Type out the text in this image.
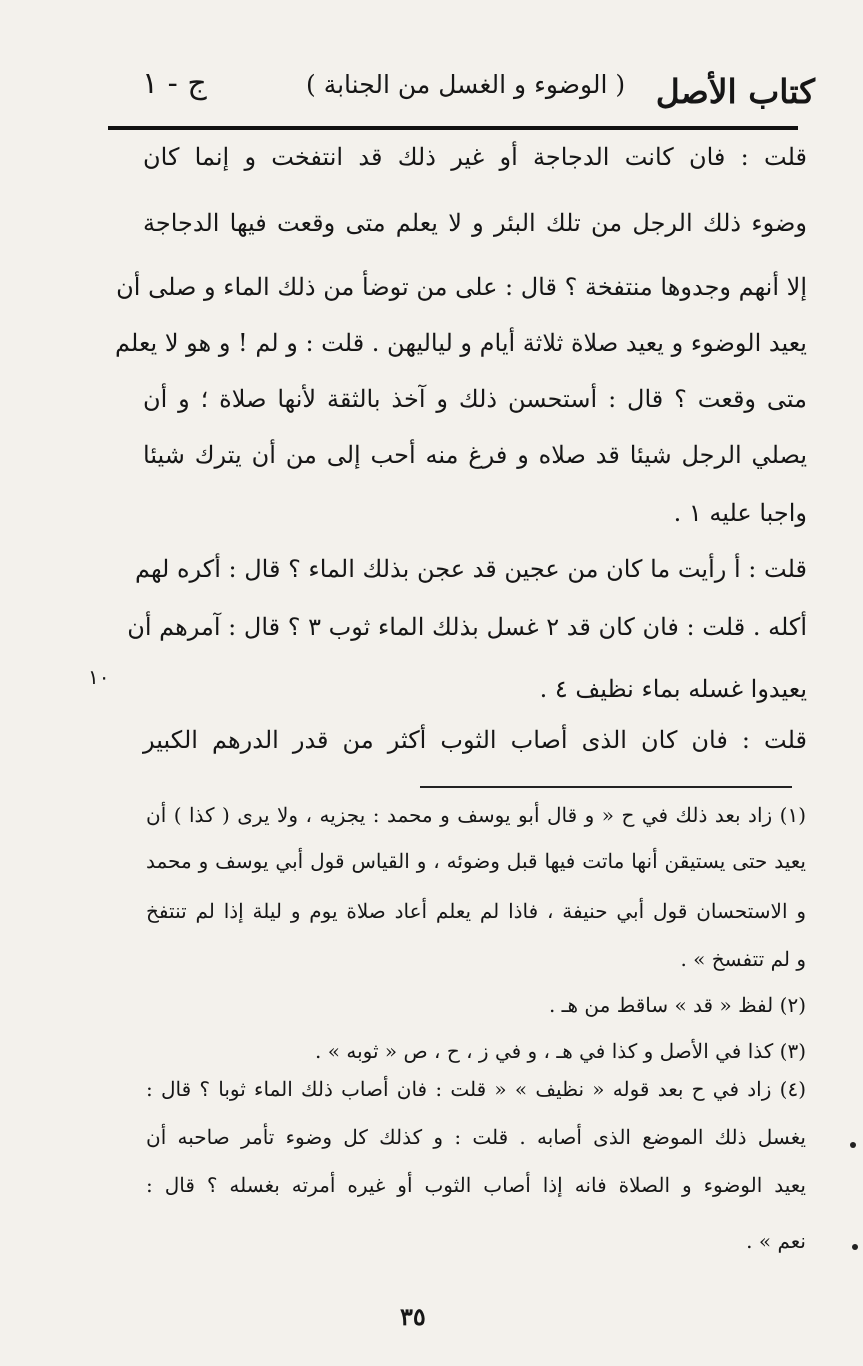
ج - ١	( الوضوء و الغسل من الجنابة ) كتاب الأصل
قلت : فان كانت الدجاجة أو غير ذلك قد انتفخت و إنما كان
وضوء ذلك الرجل من تلك البئر و لا يعلم متى وقعت فيها الدجاجة
إلا أنهم وجدوها منتفخة ؟ قال : على من توضأ من ذلك الماء و صلى أن
يعيد الوضوء و يعيد صلاة ثلاثة أيام و لياليهن . قلت : و لم ! و هو لا يعلم
متى وقعت ؟ قال : أستحسن ذلك و آخذ بالثقة لأنها صلاة ؛ و أن
يصلي الرجل شيئا قد صلاه و فرغ منه أحب إلى من أن يترك شيئا
واجبا عليه ١ .
قلت : أ رأيت ما كان من عجين قد عجن بذلك الماء ؟ قال : أكره لهم
أكله . قلت : فان كان قد ٢ غسل بذلك الماء ثوب ٣ ؟ قال : آمرهم أن
يعيدوا غسله بماء نظيف ٤ .
قلت : فان كان الذى أصاب الثوب أكثر من قدر الدرهم الكبير
١٠
(١) زاد بعد ذلك في ح « و قال أبو يوسف و محمد : يجزيه ، ولا يرى ( كذا ) أن
يعيد حتى يستيقن أنها ماتت فيها قبل وضوئه ، و القياس قول أبي يوسف و محمد
و الاستحسان قول أبي حنيفة ، فاذا لم يعلم أعاد صلاة يوم و ليلة إذا لم تنتفخ
و لم تتفسخ » .
(٢) لفظ « قد » ساقط من هـ .
(٣) كذا في الأصل و كذا في هـ ، و في ز ، ح ، ص « ثوبه » .
(٤) زاد في ح بعد قوله « نظيف » « قلت : فان أصاب ذلك الماء ثوبا ؟ قال :
يغسل ذلك الموضع الذى أصابه . قلت : و كذلك كل وضوء تأمر صاحبه أن
يعيد الوضوء و الصلاة فانه إذا أصاب الثوب أو غيره أمرته بغسله ؟ قال :
نعم » .
٣٥
